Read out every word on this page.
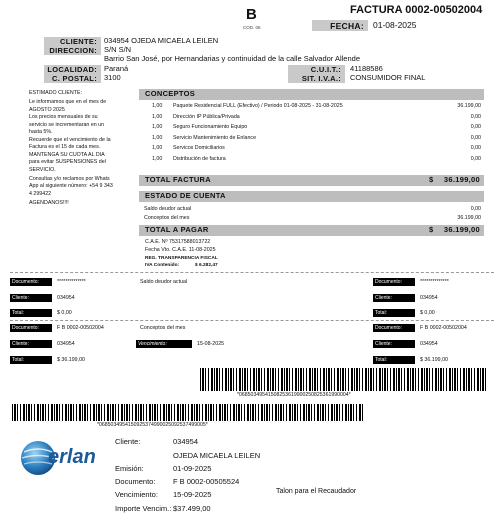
B
COD. 06
FACTURA 0002-00502004
FECHA:	01-08-2025
CLIENTE: 034954 OJEDA MICAELA LEILEN
DIRECCION: S/N S/N
Barrio San José, por Hernandarias y continuidad de la calle Salvador Allende
LOCALIDAD: Paraná	C.U.I.T.:	41188586
C. POSTAL: 3100	SIT. I.V.A.:	CONSUMIDOR FINAL
ESTIMADO CLIENTE:
Le informamos que en el mes de
AGOSTO 2025
Los precios mensuales de su
servicio se incrementaran en un
hasta 5%.
Recuerde que el vencimiento de la
Factura es el 15 de cada mes.
MANTENGA SU CUOTA AL DIA
para evitar SUSPENSIONES del
SERVICIO.
Consultas y/o reclamos por Whats
App al siguiente número: +54 9 343
4 299422
AGENDANOS!!!!
CONCEPTOS
1,00 Paquete Residencial FULL (Efectivo) / Periodo 01-08-2025 - 31-08-2025	36.199,00
1,00 Dirección IP Pública/Privada	0,00
1,00 Seguro Funcionamiento Equipo	0,00
1,00 Servicio Mantenimiento de Enlance	0,00
1,00 Servicos Domiciliarios	0,00
1,00 Distribución de factura	0,00
TOTAL FACTURA	$ 36.199,00
ESTADO DE CUENTA
Saldo deudor actual	0,00
Conceptos del mes	36.199,00
TOTAL A PAGAR	$ 36.199,00
C.A.E. Nº 75317588013722
Fecha Vto. C.A.E. 11-08-2025
REG. TRANSPARENCIA FISCAL
IVA Contenido:	$ 6.282,47
Documento:	**************
Cliente:	034954
Total:	$ 0,00
Saldo deudor actual	Documento:	**************
Cliente:	034954
Total:	$ 0,00
Documento:	F B 0002-00502004
Cliente:	034954
Total:	$ 36.199,00
Conceptos del mes
Vencimiento:	15-08-2025
Documento:	F B 0002-00502004
Cliente:	034954
Total:	$ 36.199,00
*06850349541508253619900250825361990004*
*0685034954150925374990025092537499005*
erlan
Cliente:	034954
OJEDA MICAELA LEILEN
Emisión:	01-09-2025
Documento: F B 0002-00505524
Vencimiento: 15-09-2025
Importe Vencim.: $37.499,00
Talon para el Recaudador
